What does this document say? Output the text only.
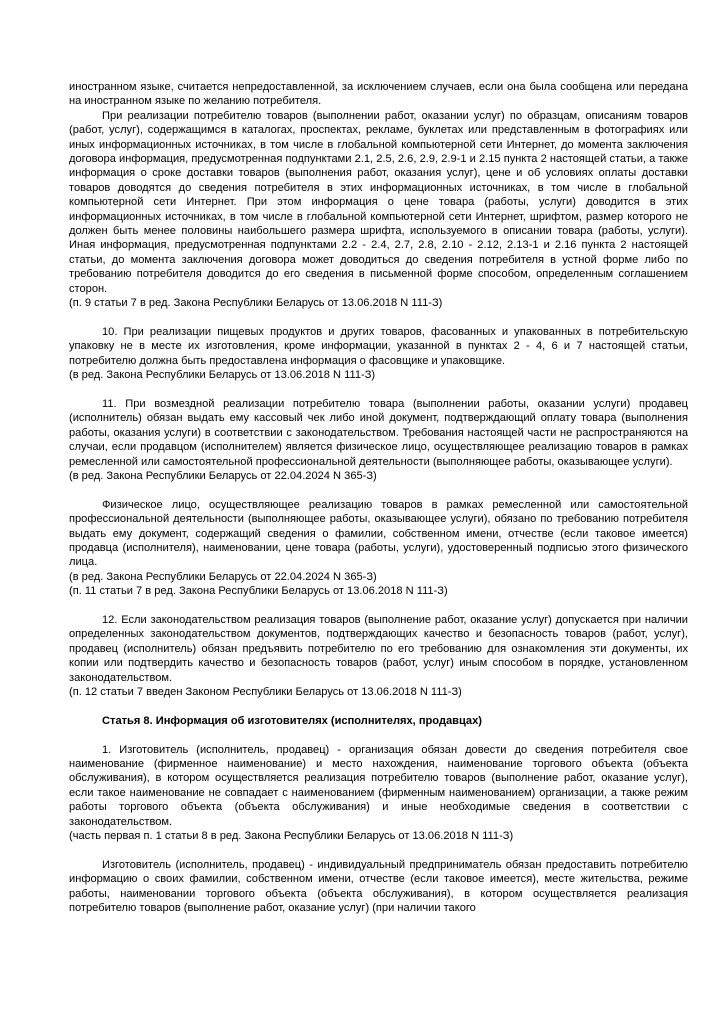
иностранном языке, считается непредоставленной, за исключением случаев, если она была сообщена или передана на иностранном языке по желанию потребителя.

При реализации потребителю товаров (выполнении работ, оказании услуг) по образцам, описаниям товаров (работ, услуг), содержащимся в каталогах, проспектах, рекламе, буклетах или представленным в фотографиях или иных информационных источниках, в том числе в глобальной компьютерной сети Интернет, до момента заключения договора информация, предусмотренная подпунктами 2.1, 2.5, 2.6, 2.9, 2.9-1 и 2.15 пункта 2 настоящей статьи, а также информация о сроке доставки товаров (выполнения работ, оказания услуг), цене и об условиях оплаты доставки товаров доводятся до сведения потребителя в этих информационных источниках, в том числе в глобальной компьютерной сети Интернет. При этом информация о цене товара (работы, услуги) доводится в этих информационных источниках, в том числе в глобальной компьютерной сети Интернет, шрифтом, размер которого не должен быть менее половины наибольшего размера шрифта, используемого в описании товара (работы, услуги). Иная информация, предусмотренная подпунктами 2.2 - 2.4, 2.7, 2.8, 2.10 - 2.12, 2.13-1 и 2.16 пункта 2 настоящей статьи, до момента заключения договора может доводиться до сведения потребителя в устной форме либо по требованию потребителя доводится до его сведения в письменной форме способом, определенным соглашением сторон.

(п. 9 статьи 7 в ред. Закона Республики Беларусь от 13.06.2018 N 111-З)

10. При реализации пищевых продуктов и других товаров, фасованных и упакованных в потребительскую упаковку не в месте их изготовления, кроме информации, указанной в пунктах 2 - 4, 6 и 7 настоящей статьи, потребителю должна быть предоставлена информация о фасовщике и упаковщике.

(в ред. Закона Республики Беларусь от 13.06.2018 N 111-З)

11. При возмездной реализации потребителю товара (выполнении работы, оказании услуги) продавец (исполнитель) обязан выдать ему кассовый чек либо иной документ, подтверждающий оплату товара (выполнения работы, оказания услуги) в соответствии с законодательством. Требования настоящей части не распространяются на случаи, если продавцом (исполнителем) является физическое лицо, осуществляющее реализацию товаров в рамках ремесленной или самостоятельной профессиональной деятельности (выполняющее работы, оказывающее услуги).

(в ред. Закона Республики Беларусь от 22.04.2024 N 365-З)

Физическое лицо, осуществляющее реализацию товаров в рамках ремесленной или самостоятельной профессиональной деятельности (выполняющее работы, оказывающее услуги), обязано по требованию потребителя выдать ему документ, содержащий сведения о фамилии, собственном имени, отчестве (если таковое имеется) продавца (исполнителя), наименовании, цене товара (работы, услуги), удостоверенный подписью этого физического лица.

(в ред. Закона Республики Беларусь от 22.04.2024 N 365-З)

(п. 11 статьи 7 в ред. Закона Республики Беларусь от 13.06.2018 N 111-З)

12. Если законодательством реализация товаров (выполнение работ, оказание услуг) допускается при наличии определенных законодательством документов, подтверждающих качество и безопасность товаров (работ, услуг), продавец (исполнитель) обязан предъявить потребителю по его требованию для ознакомления эти документы, их копии или подтвердить качество и безопасность товаров (работ, услуг) иным способом в порядке, установленном законодательством.

(п. 12 статьи 7 введен Законом Республики Беларусь от 13.06.2018 N 111-З)

Статья 8. Информация об изготовителях (исполнителях, продавцах)

1. Изготовитель (исполнитель, продавец) - организация обязан довести до сведения потребителя свое наименование (фирменное наименование) и место нахождения, наименование торгового объекта (объекта обслуживания), в котором осуществляется реализация потребителю товаров (выполнение работ, оказание услуг), если такое наименование не совпадает с наименованием (фирменным наименованием) организации, а также режим работы торгового объекта (объекта обслуживания) и иные необходимые сведения в соответствии с законодательством.

(часть первая п. 1 статьи 8 в ред. Закона Республики Беларусь от 13.06.2018 N 111-З)

Изготовитель (исполнитель, продавец) - индивидуальный предприниматель обязан предоставить потребителю информацию о своих фамилии, собственном имени, отчестве (если таковое имеется), месте жительства, режиме работы, наименовании торгового объекта (объекта обслуживания), в котором осуществляется реализация потребителю товаров (выполнение работ, оказание услуг) (при наличии такого
